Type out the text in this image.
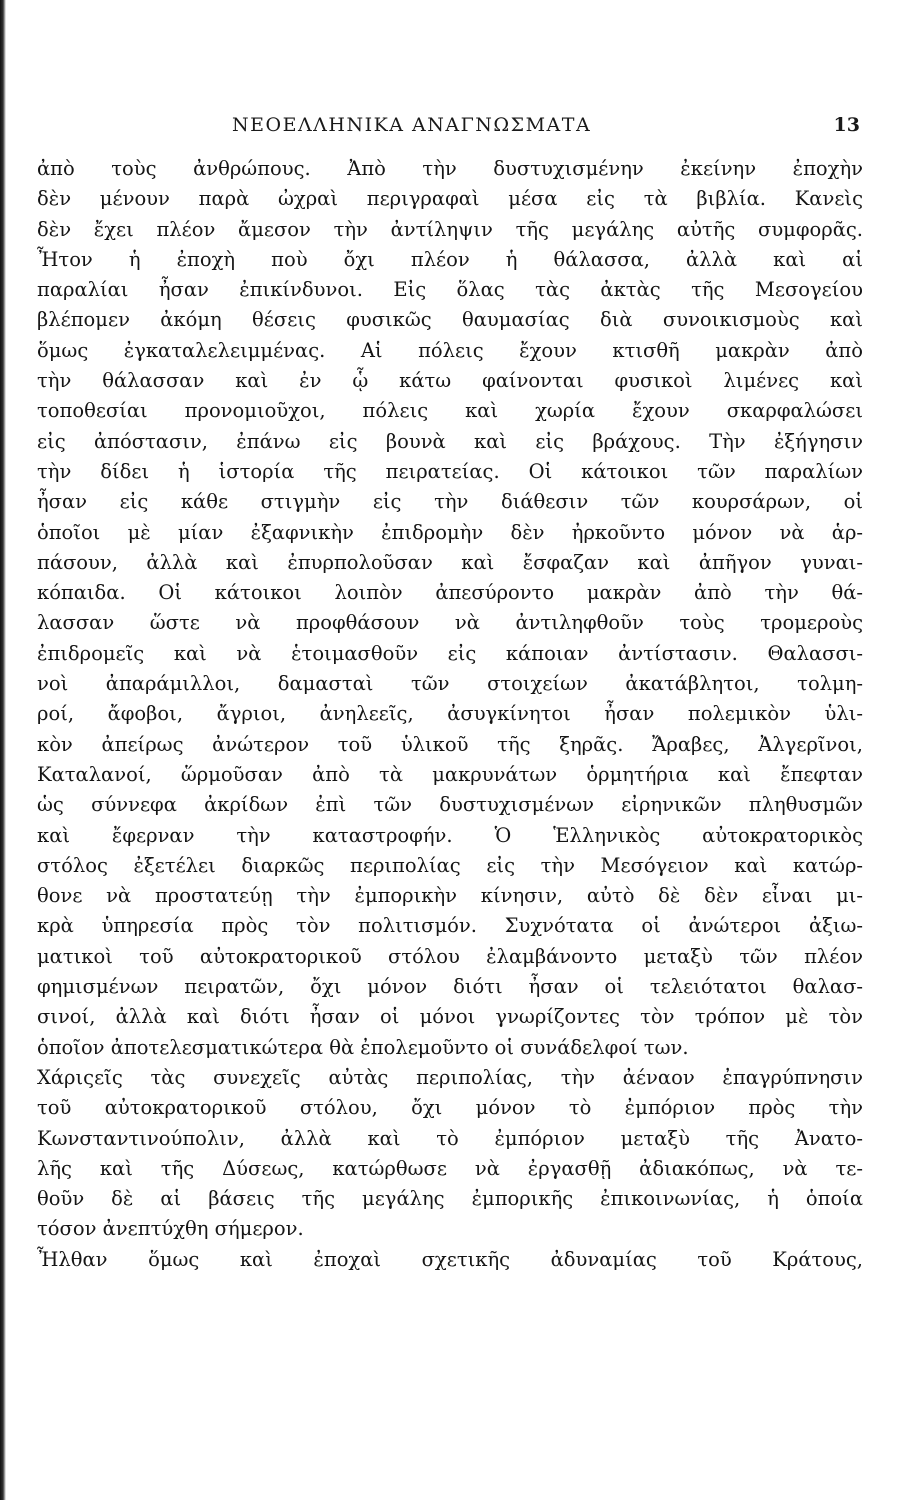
ΝΕΟΕΛΛΗΝΙΚΑ ΑΝΑΓΝΩΣΜΑΤΑ	13
ἀπὸ τοὺς ἀνθρώπους. Ἀπὸ τὴν δυστυχισμένην ἐκείνην ἐποχὴν
δὲν μένουν παρὰ ὠχραὶ περιγραφαὶ μέσα εἰς τὰ βιβλία. Κανεὶς
δὲν ἔχει πλέον ἄμεσον τὴν ἀντίληψιν τῆς μεγάλης αὐτῆς συμφορᾶς.
Ἦτον ἡ ἐποχὴ ποὺ ὄχι πλέον ἡ θάλασσα, ἀλλὰ καὶ αἱ
παραλίαι ἦσαν ἐπικίνδυνοι. Εἰς ὅλας τὰς ἀκτὰς τῆς Μεσογείου
βλέπομεν ἀκόμη θέσεις φυσικῶς θαυμασίας διὰ συνοικισμοὺς καὶ
ὅμως ἐγκαταλελειμμένας. Αἱ πόλεις ἔχουν κτισθῆ μακρὰν ἀπὸ
τὴν θάλασσαν καὶ ἐν ᾧ κάτω φαίνονται φυσικοὶ λιμένες καὶ
τοποθεσίαι προνομιοῦχοι, πόλεις καὶ χωρία ἔχουν σκαρφαλώσει
εἰς ἀπόστασιν, ἐπάνω εἰς βουνὰ καὶ εἰς βράχους. Τὴν ἐξήγησιν
τὴν δίδει ἡ ἱστορία τῆς πειρατείας. Οἱ κάτοικοι τῶν παραλίων
ἦσαν εἰς κάθε στιγμὴν εἰς τὴν διάθεσιν τῶν κουρσάρων, οἱ
ὁποῖοι μὲ μίαν ἐξαφνικὴν ἐπιδρομὴν δὲν ἠρκοῦντο μόνον νὰ ἁρ-
πάσουν, ἀλλὰ καὶ ἐπυρπολοῦσαν καὶ ἔσφαζαν καὶ ἀπῆγον γυναι-
κόπαιδα. Οἱ κάτοικοι λοιπὸν ἀπεσύροντο μακρὰν ἀπὸ τὴν θά-
λασσαν ὥστε νὰ προφθάσουν νὰ ἀντιληφθοῦν τοὺς τρομεροὺς
ἐπιδρομεῖς καὶ νὰ ἑτοιμασθοῦν εἰς κάποιαν ἀντίστασιν. Θαλασσι-
νοὶ ἀπαράμιλλοι, δαμασταὶ τῶν στοιχείων ἀκατάβλητοι, τολμη-
ροί, ἄφοβοι, ἄγριοι, ἀνηλεεῖς, ἀσυγκίνητοι ἦσαν πολεμικὸν ὑλι-
κὸν ἀπείρως ἀνώτερον τοῦ ὑλικοῦ τῆς ξηρᾶς. Ἄραβες, Ἀλγερῖνοι,
Καταλανοί, ὥρμοῦσαν ἀπὸ τὰ μακρυνάτων ὁρμητήρια καὶ ἔπεφταν
ὡς σύννεφα ἀκρίδων ἐπὶ τῶν δυστυχισμένων εἰρηνικῶν πληθυσμῶν
καὶ ἔφερναν τὴν καταστροφήν. Ὁ Ἑλληνικὸς αὐτοκρατορικὸς
στόλος ἐξετέλει διαρκῶς περιπολίας εἰς τὴν Μεσόγειον καὶ κατώρ-
θονε νὰ προστατεύῃ τὴν ἐμπορικὴν κίνησιν, αὐτὸ δὲ δὲν εἶναι μι-
κρὰ ὑπηρεσία πρὸς τὸν πολιτισμόν. Συχνότατα οἱ ἀνώτεροι ἀξιω-
ματικοὶ τοῦ αὐτοκρατορικοῦ στόλου ἐλαμβάνοντο μεταξὺ τῶν πλέον
φημισμένων πειρατῶν, ὄχι μόνον διότι ἦσαν οἱ τελειότατοι θαλασ-
σινοί, ἀλλὰ καὶ διότι ἦσαν οἱ μόνοι γνωρίζοντες τὸν τρόπον μὲ τὸν
ὁποῖον ἀποτελεσματικώτερα θὰ ἐπολεμοῦντο οἱ συνάδελφοί των.
Χάριςεῖς τὰς συνεχεῖς αὐτὰς περιπολίας, τὴν ἀέναον ἐπαγρύπνησιν
τοῦ αὐτοκρατορικοῦ στόλου, ὄχι μόνον τὸ ἐμπόριον πρὸς τὴν
Κωνσταντινούπολιν, ἀλλὰ καὶ τὸ ἐμπόριον μεταξὺ τῆς Ἀνατο-
λῆς καὶ τῆς Δύσεως, κατώρθωσε νὰ ἐργασθῇ ἀδιακόπως, νὰ τε-
θοῦν δὲ αἱ βάσεις τῆς μεγάλης ἐμπορικῆς ἐπικοινωνίας, ἡ ὁποία
τόσον ἀνεπτύχθη σήμερον.
Ἦλθαν ὅμως καὶ ἐποχαὶ σχετικῆς ἀδυναμίας τοῦ Κράτους,
